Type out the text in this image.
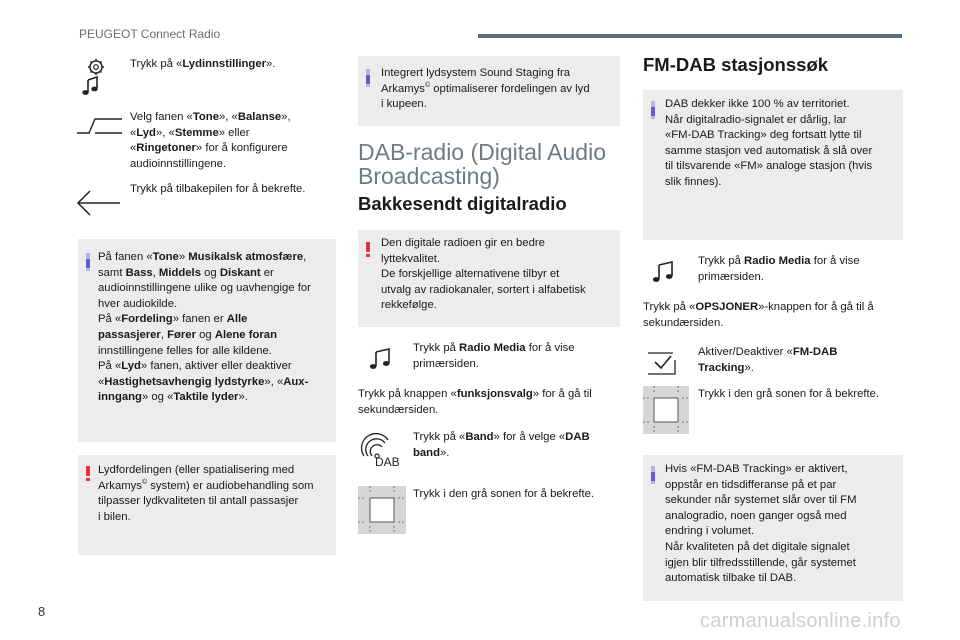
PEUGEOT Connect Radio
Trykk på «Lydinnstillinger».
Velg fanen «Tone», «Balanse»,
«Lyd», «Stemme» eller
«Ringetoner» for å konfigurere
audioinnstillingene.
Trykk på tilbakepilen for å bekrefte.
På fanen «Tone» Musikalsk atmosfære,
samt Bass, Middels og Diskant er
audioinnstillingene ulike og uavhengige for
hver audiokilde.
På «Fordeling» fanen er Alle
passasjerer, Fører og Alene foran
innstillingene felles for alle kildene.
På «Lyd» fanen, aktiver eller deaktiver
«Hastighetsavhengig lydstyrke», «Aux-
inngang» og «Taktile lyder».
Lydfordelingen (eller spatialisering med
Arkamys© system) er audiobehandling som
tilpasser lydkvaliteten til antall passasjer
i bilen.
Integrert lydsystem Sound Staging fra
Arkamys© optimaliserer fordelingen av lyd
i kupeen.
DAB-radio (Digital Audio
Broadcasting)
Bakkesendt digitalradio
Den digitale radioen gir en bedre
lyttekvalitet.
De forskjellige alternativene tilbyr et
utvalg av radiokanaler, sortert i alfabetisk
rekkefølge.
Trykk på Radio Media for å vise
primærsiden.
Trykk på knappen «funksjonsvalg» for å gå til
sekundærsiden.
DAB
Trykk på «Band» for å velge «DAB
band».
Trykk i den grå sonen for å bekrefte.
FM-DAB stasjonssøk
DAB dekker ikke 100 % av territoriet.
Når digitalradio-signalet er dårlig, lar
«FM-DAB Tracking» deg fortsatt lytte til
samme stasjon ved automatisk å slå over
til tilsvarende «FM» analoge stasjon (hvis
slik finnes).
Trykk på Radio Media for å vise
primærsiden.
Trykk på «OPSJONER»-knappen for å gå til å
sekundærsiden.
Aktiver/Deaktiver «FM-DAB
Tracking».
Trykk i den grå sonen for å bekrefte.
Hvis «FM-DAB Tracking» er aktivert,
oppstår en tidsdifferanse på et par
sekunder når systemet slår over til FM
analogradio, noen ganger også med
endring i volumet.
Når kvaliteten på det digitale signalet
igjen blir tilfredsstillende, går systemet
automatisk tilbake til DAB.
8	carmanualsonline.info
